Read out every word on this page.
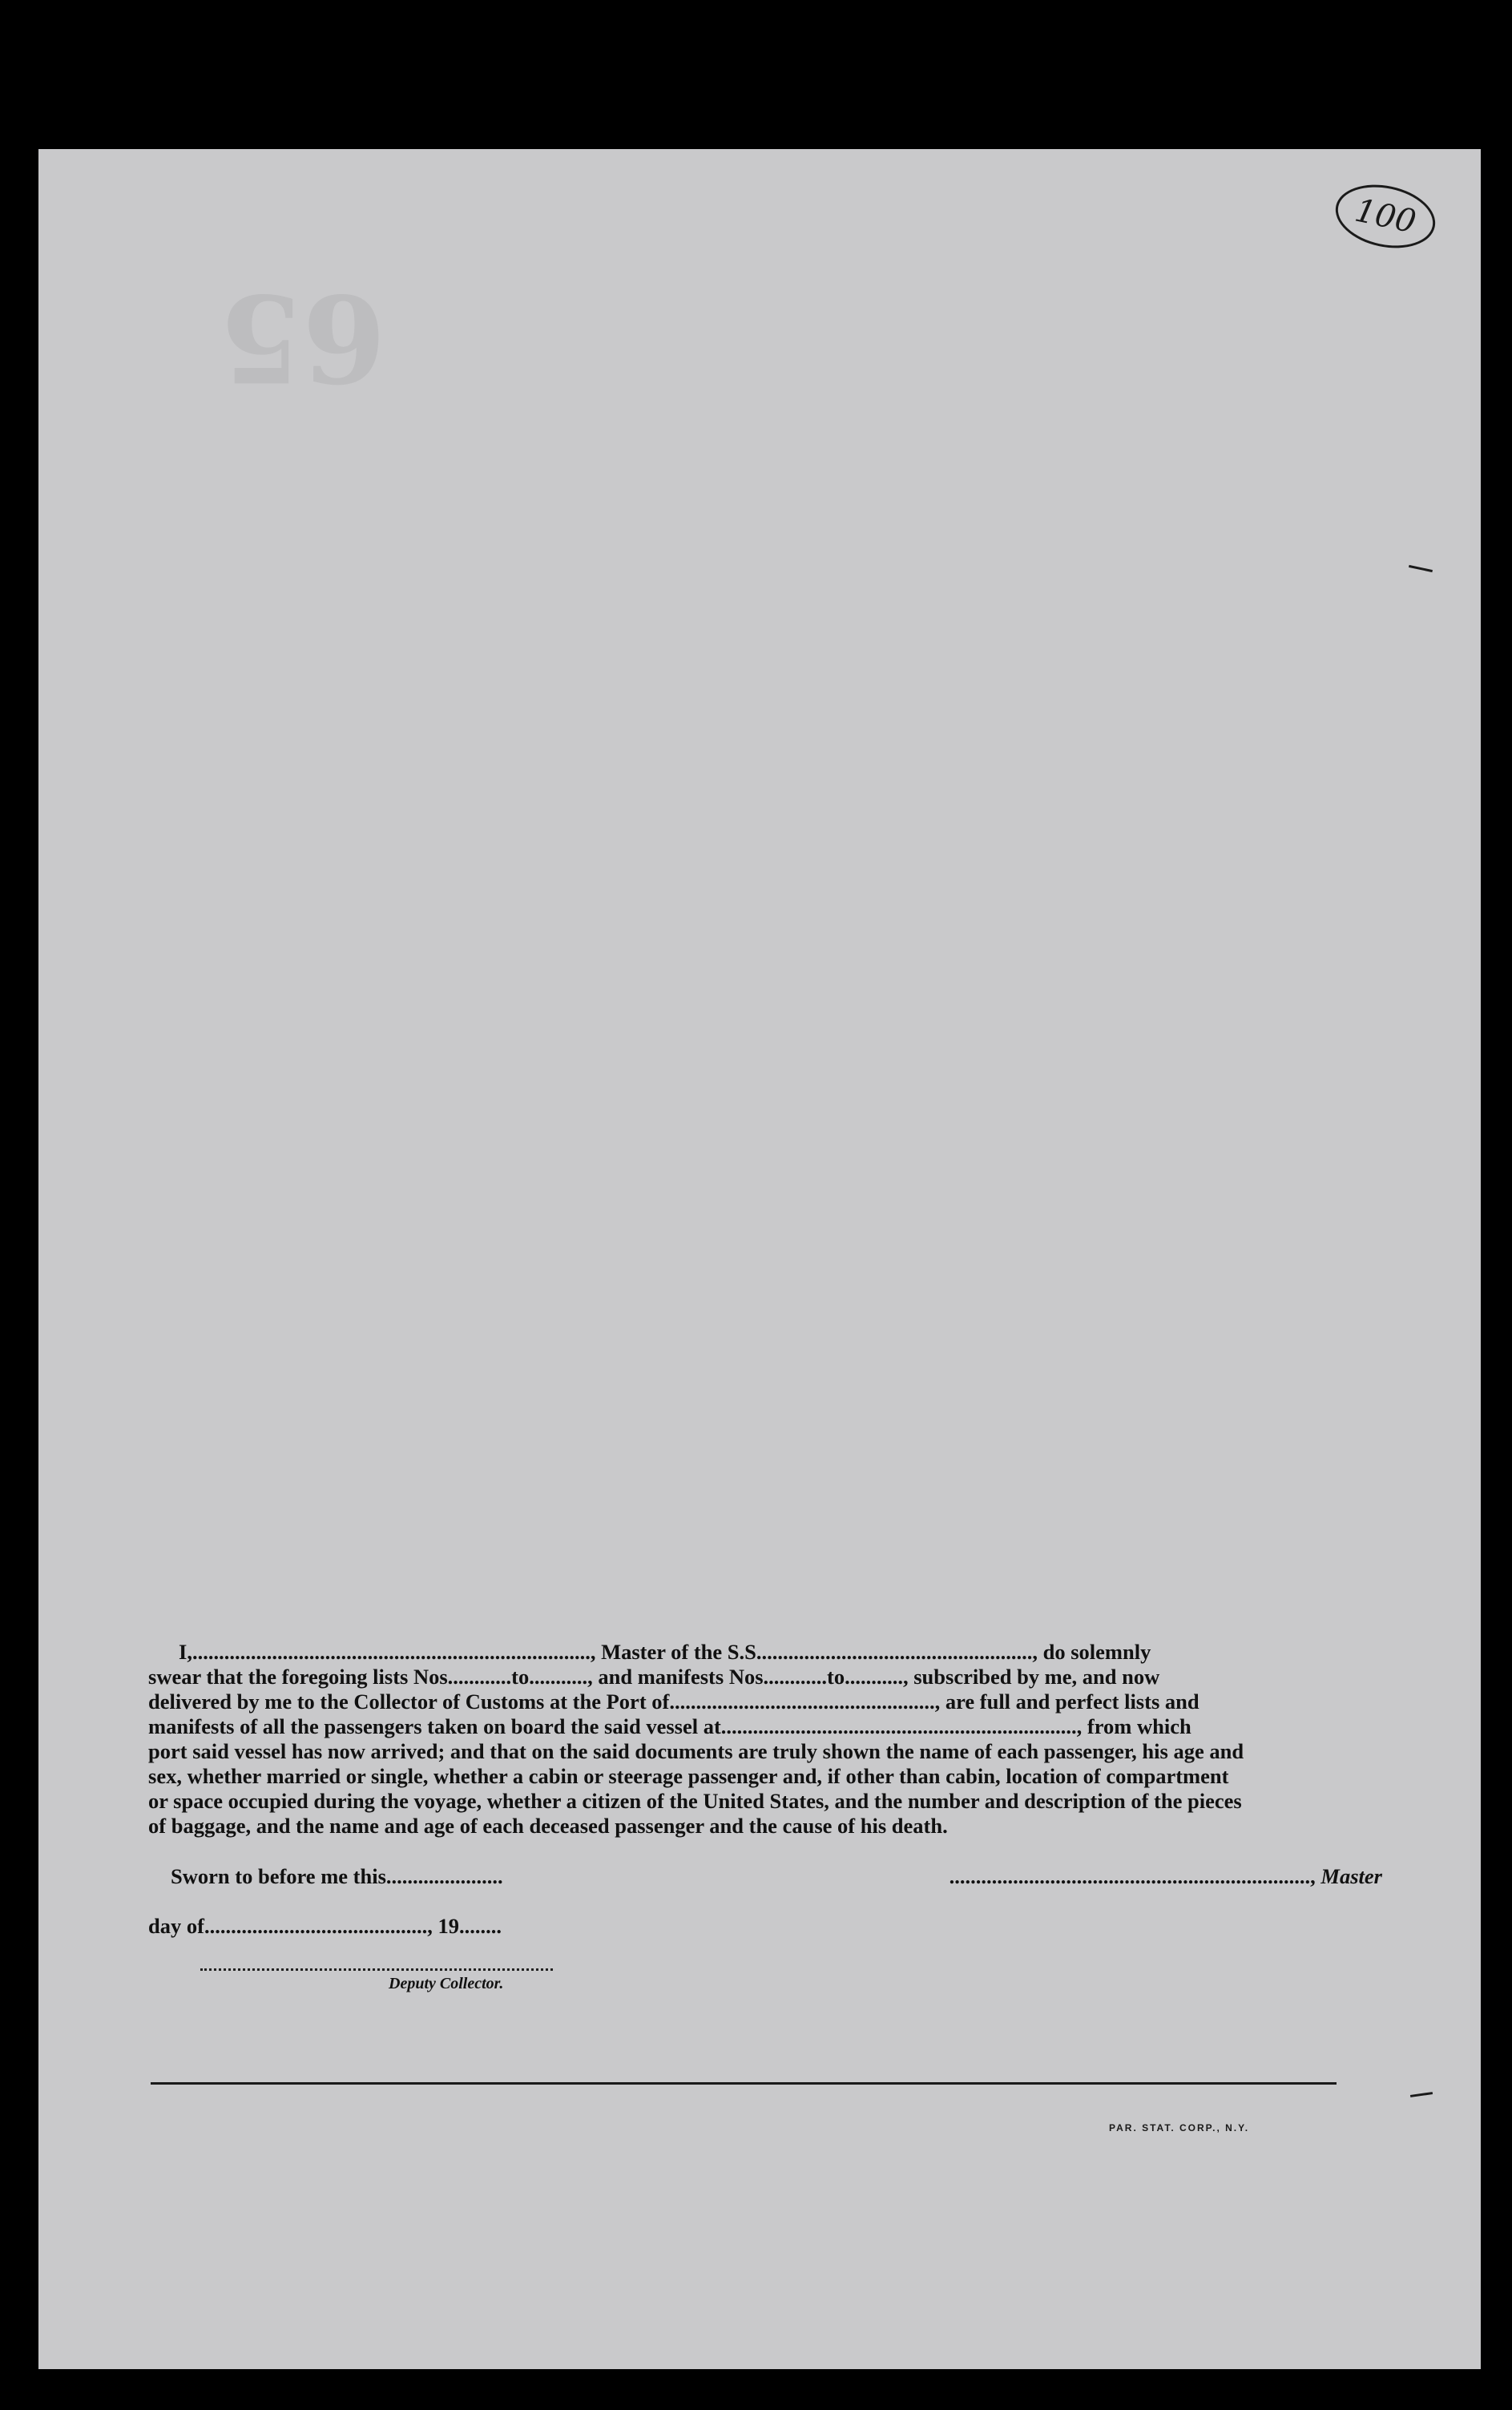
65
100
I,..........................................................................., Master of the S.S...................................................., do solemnly
swear that the foregoing lists Nos............to..........., and manifests Nos............to..........., subscribed by me, and now
delivered by me to the Collector of Customs at the Port of.................................................., are full and perfect lists and
manifests of all the passengers taken on board the said vessel at..................................................................., from which
port said vessel has now arrived; and that on the said documents are truly shown the name of each passenger, his age and
sex, whether married or single, whether a cabin or steerage passenger and, if other than cabin, location of compartment
or space occupied during the voyage, whether a citizen of the United States, and the number and description of the pieces
of baggage, and the name and age of each deceased passenger and the cause of his death.
Sworn to before me this......................	...................................................................., Master
day of.........................................., 19........
Deputy Collector.
PAR. STAT. CORP., N.Y.
